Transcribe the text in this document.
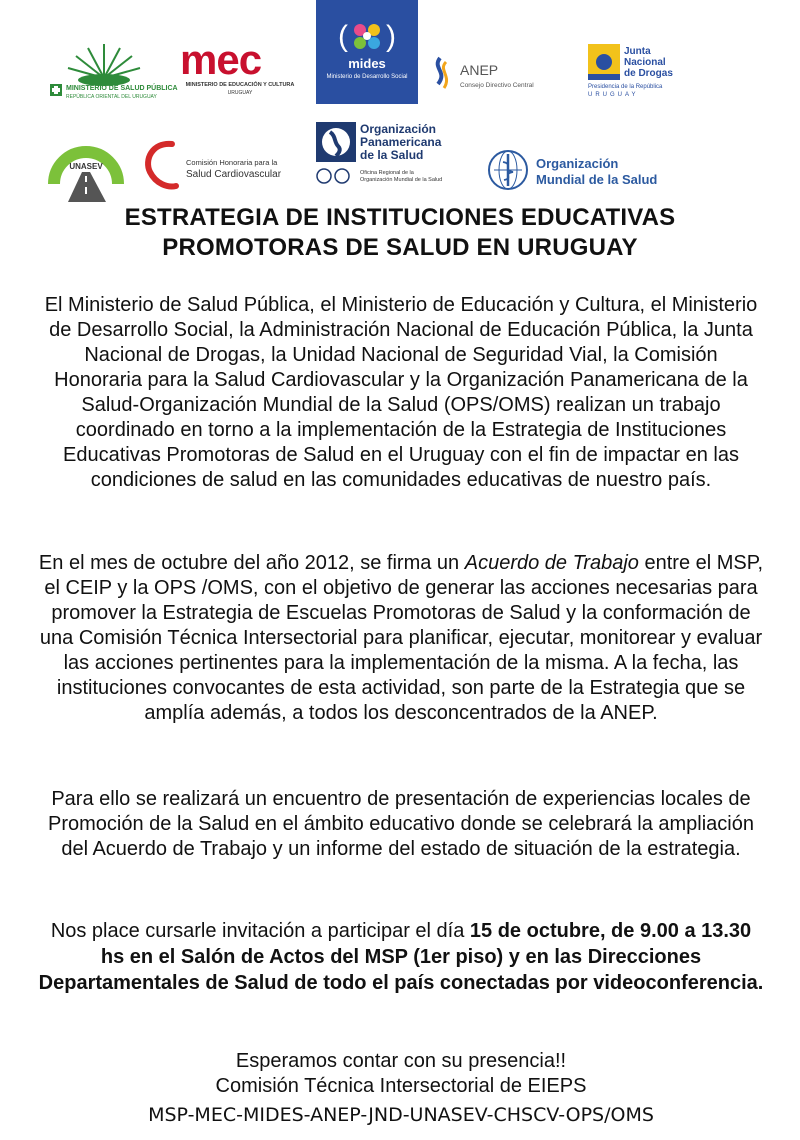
MINISTERIO DE SALUD PÚBLICA
REPÚBLICA ORIENTAL DEL URUGUAY
mec
MINISTERIO DE EDUCACIÓN Y CULTURA
URUGUAY
( )
mides
Ministerio de Desarrollo Social	ANEP
Consejo Directivo Central
Junta
Nacional
de Drogas
Presidencia de la República
URUGUAY
UNASEV	Comisión Honoraria para la
Salud Cardiovascular
Organización
Panamericana
de la Salud
Oficina Regional de la
Organización Mundial de la Salud
Organización
Mundial de la Salud
ESTRATEGIA DE INSTITUCIONES EDUCATIVAS
PROMOTORAS DE SALUD EN URUGUAY
El Ministerio de Salud Pública, el Ministerio de Educación y Cultura, el Ministerio de Desarrollo Social, la Administración Nacional de Educación Pública, la Junta Nacional de Drogas, la Unidad Nacional de Seguridad Vial, la Comisión Honoraria para la Salud Cardiovascular y la Organización Panamericana de la Salud-Organización Mundial de la Salud (OPS/OMS) realizan un trabajo coordinado en torno a la implementación de la Estrategia de Instituciones Educativas Promotoras de Salud en el Uruguay con el fin de impactar en las condiciones de salud en las comunidades educativas de nuestro país.
En el mes de octubre del año 2012, se firma un Acuerdo de Trabajo entre el MSP, el CEIP y la OPS /OMS, con el objetivo de generar las acciones necesarias para promover la Estrategia de Escuelas Promotoras de Salud y la conformación de una Comisión Técnica Intersectorial para planificar, ejecutar, monitorear y evaluar las acciones pertinentes para la implementación de la misma. A la fecha, las instituciones convocantes de esta actividad, son parte de la Estrategia que se amplía además, a todos los desconcentrados de la ANEP.
Para ello se realizará un encuentro de presentación de experiencias locales de Promoción de la Salud en el ámbito educativo donde se celebrará la ampliación del Acuerdo de Trabajo y un informe del estado de situación de la estrategia.
Nos place cursarle invitación a participar el día 15 de octubre, de 9.00 a 13.30 hs en el Salón de Actos del MSP (1er piso) y en las Direcciones Departamentales de Salud de todo el país conectadas por videoconferencia.
Esperamos contar con su presencia!!
Comisión Técnica Intersectorial de EIEPS
MSP-MEC-MIDES-ANEP-JND-UNASEV-CHSCV-OPS/OMS
